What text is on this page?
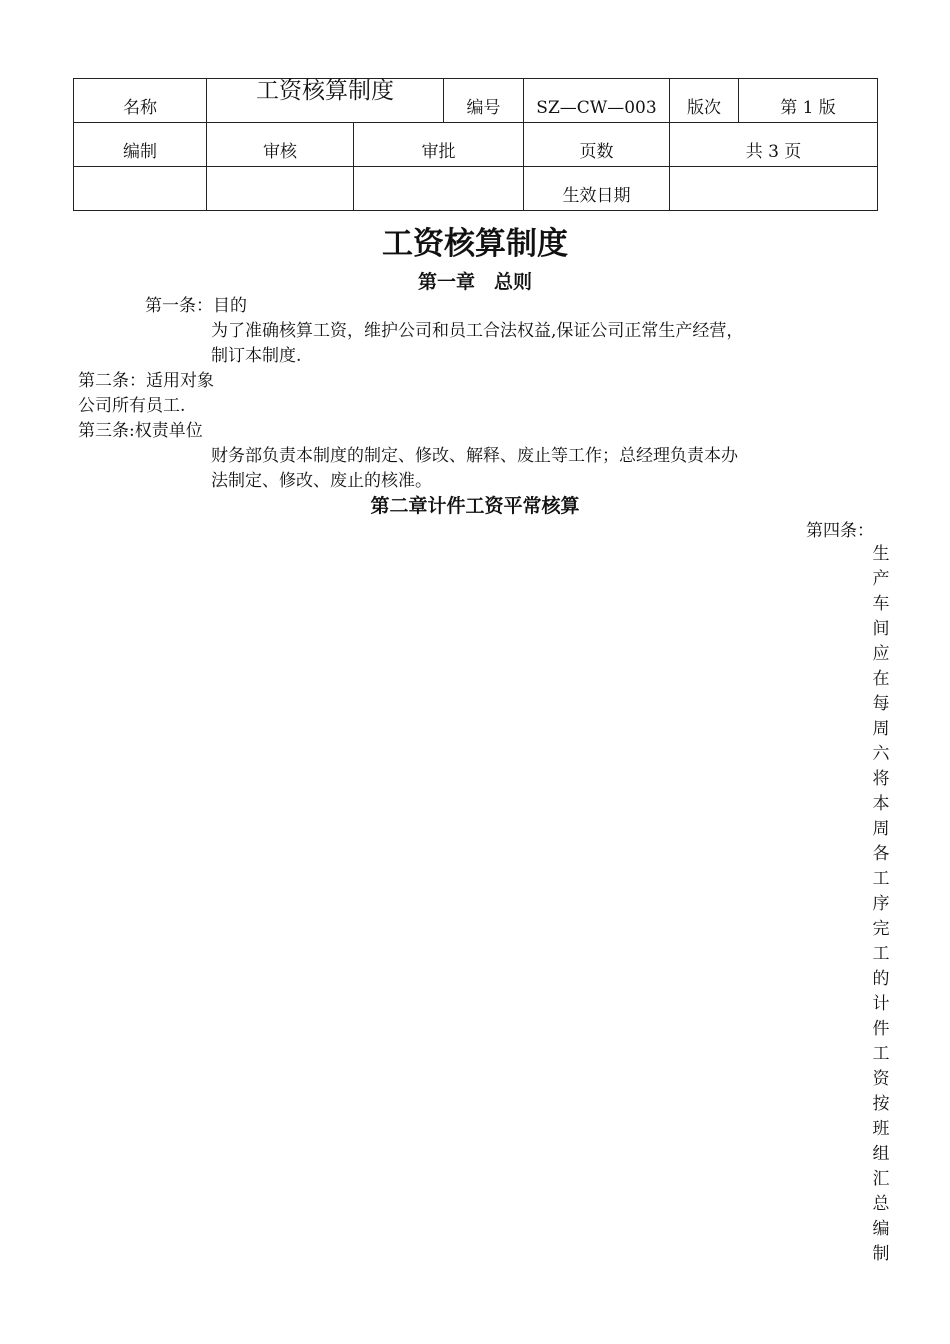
名称	工资核算制度		编号	SZ—CW—003	版次	第 1 版
编制	审核	审批		页数	共 3 页	
				生效日期		
工资核算制度
第一章　总则
第一条：目的
为了准确核算工资，维护公司和员工合法权益,保证公司正常生产经营，
制订本制度.
第二条：适用对象
公司所有员工.
第三条:权责单位
财务部负责本制度的制定、修改、解释、废止等工作；总经理负责本办
法制定、修改、废止的核准。
第二章计件工资平常核算
第四条：
生产车间应在每周六将本周各工序完工的计件工资按班组汇总编制
